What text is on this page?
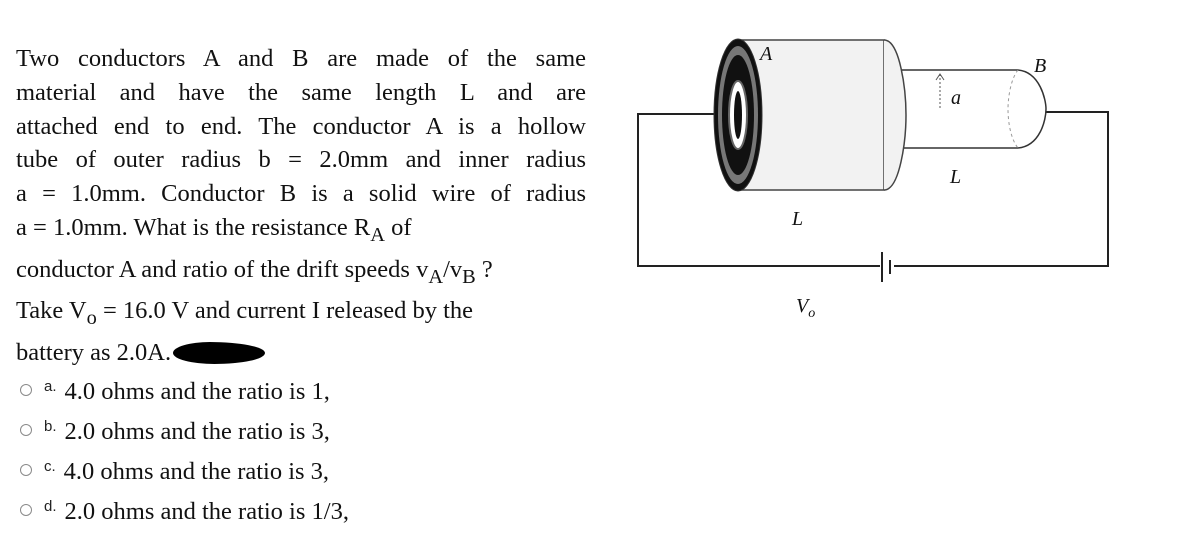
Two conductors A and B are made of the same
material and have the same length L and are
attached end to end. The conductor A is a hollow
tube of outer radius b = 2.0mm and inner radius
a = 1.0mm. Conductor B is a solid wire of radius
a = 1.0mm. What is the resistance $R_A$ of
conductor A and ratio of the drift speeds $v_A/v_B$ ?
Take $V_o = 16.0$ V and current I released by the
battery as 2.0A.
a. 4.0 ohms and the ratio is 1,
b. 2.0 ohms and the ratio is 3,
c. 4.0 ohms and the ratio is 3,
d. 2.0 ohms and the ratio is 1/3,
A
B
a
L
L
$V_o$
